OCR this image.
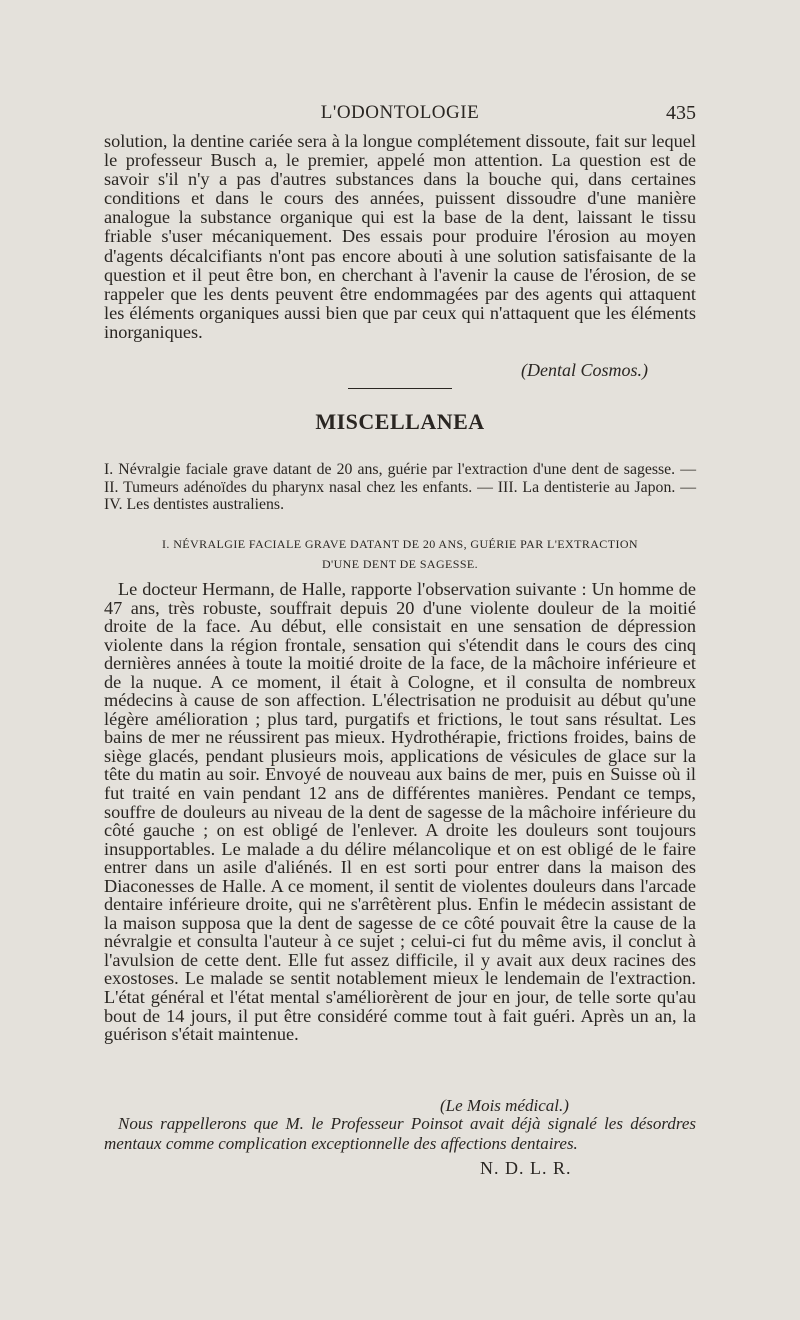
L'ODONTOLOGIE	435

solution, la dentine cariée sera à la longue complétement dissoute, fait sur lequel le professeur Busch a, le premier, appelé mon attention. La question est de savoir s'il n'y a pas d'autres substances dans la bouche qui, dans certaines conditions et dans le cours des années, puissent dissoudre d'une manière analogue la substance organique qui est la base de la dent, laissant le tissu friable s'user mécaniquement. Des essais pour produire l'érosion au moyen d'agents décalcifiants n'ont pas encore abouti à une solution satisfaisante de la question et il peut être bon, en cherchant à l'avenir la cause de l'érosion, de se rappeler que les dents peuvent être endommagées par des agents qui attaquent les éléments organiques aussi bien que par ceux qui n'attaquent que les éléments inorganiques.

(Dental Cosmos.)
MISCELLANEA

I. Névralgie faciale grave datant de 20 ans, guérie par l'extraction d'une dent de sagesse. — II. Tumeurs adénoïdes du pharynx nasal chez les enfants. — III. La dentisterie au Japon. — IV. Les dentistes australiens.

I. NÉVRALGIE FACIALE GRAVE DATANT DE 20 ANS, GUÉRIE PAR L'EXTRACTION
D'UNE DENT DE SAGESSE.

Le docteur Hermann, de Halle, rapporte l'observation suivante : Un homme de 47 ans, très robuste, souffrait depuis 20 d'une violente douleur de la moitié droite de la face. Au début, elle consistait en une sensation de dépression violente dans la région frontale, sensation qui s'étendit dans le cours des cinq dernières années à toute la moitié droite de la face, de la mâchoire inférieure et de la nuque. A ce moment, il était à Cologne, et il consulta de nombreux médecins à cause de son affection. L'électrisation ne produisit au début qu'une légère amélioration ; plus tard, purgatifs et frictions, le tout sans résultat. Les bains de mer ne réussirent pas mieux. Hydrothérapie, frictions froides, bains de siège glacés, pendant plusieurs mois, applications de vésicules de glace sur la tête du matin au soir. Envoyé de nouveau aux bains de mer, puis en Suisse où il fut traité en vain pendant 12 ans de différentes manières. Pendant ce temps, souffre de douleurs au niveau de la dent de sagesse de la mâchoire inférieure du côté gauche ; on est obligé de l'enlever. A droite les douleurs sont toujours insupportables. Le malade a du délire mélancolique et on est obligé de le faire entrer dans un asile d'aliénés. Il en est sorti pour entrer dans la maison des Diaconesses de Halle. A ce moment, il sentit de violentes douleurs dans l'arcade dentaire inférieure droite, qui ne s'arrêtèrent plus. Enfin le médecin assistant de la maison supposa que la dent de sagesse de ce côté pouvait être la cause de la névralgie et consulta l'auteur à ce sujet ; celui-ci fut du même avis, il conclut à l'avulsion de cette dent. Elle fut assez difficile, il y avait aux deux racines des exostoses. Le malade se sentit notablement mieux le lendemain de l'extraction. L'état général et l'état mental s'améliorèrent de jour en jour, de telle sorte qu'au bout de 14 jours, il put être considéré comme tout à fait guéri. Après un an, la guérison s'était maintenue.

(Le Mois médical.)

Nous rappellerons que M. le Professeur Poinsot avait déjà signalé les désordres mentaux comme complication exceptionnelle des affections dentaires.

N. D. L. R.
